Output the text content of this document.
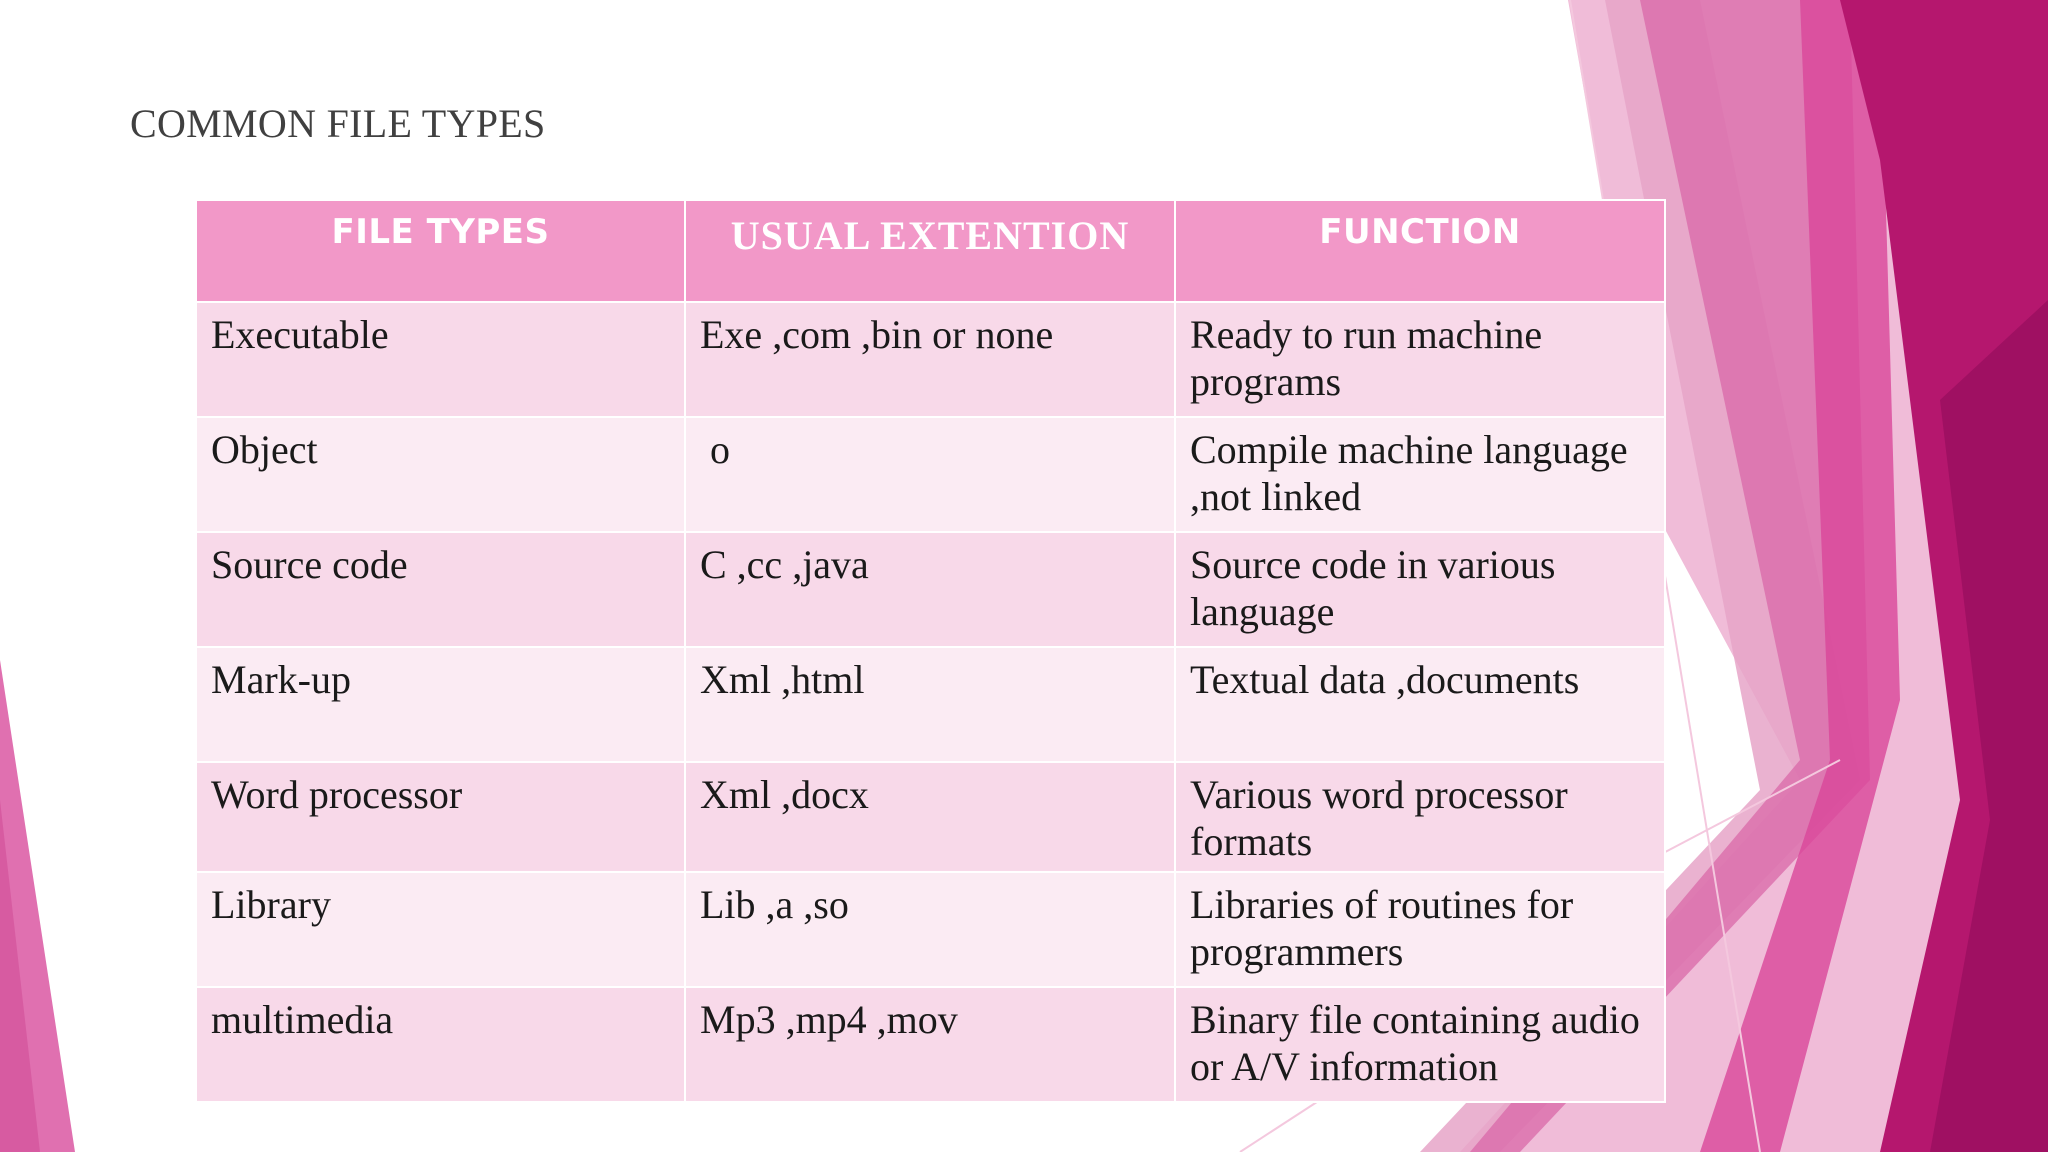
COMMON FILE TYPES
FILE TYPES	USUAL EXTENTION	FUNCTION

Executable	Exe ,com ,bin or none	Ready to run machine programs
Object	o	Compile machine language ,not linked
Source code	C ,cc ,java	Source code in various language
Mark-up	Xml ,html	Textual data ,documents
Word processor	Xml ,docx	Various word processor formats
Library	Lib ,a ,so	Libraries of routines for programmers
multimedia	Mp3 ,mp4 ,mov	Binary file containing audio or A/V information
